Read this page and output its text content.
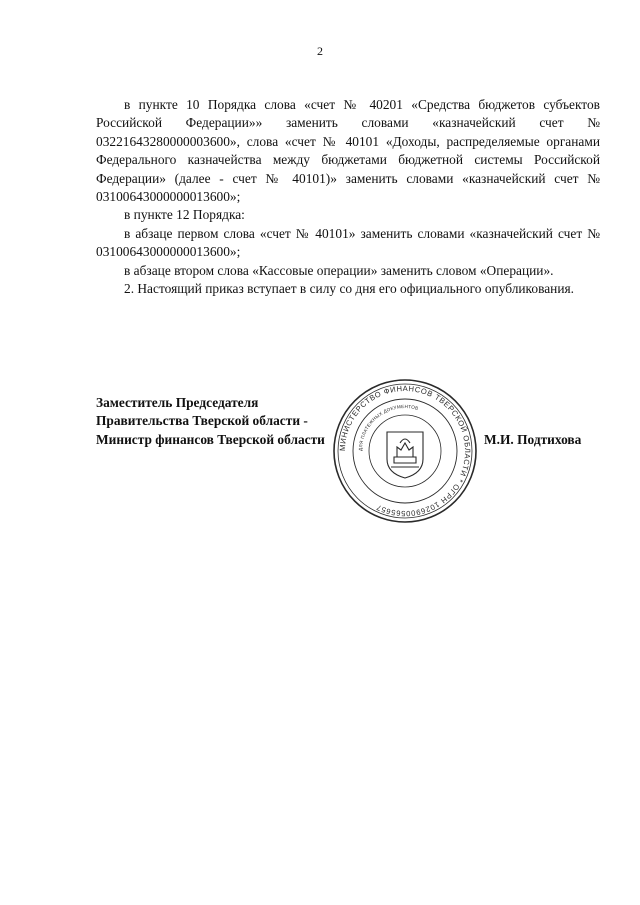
2

в пункте 10 Порядка слова «счет № 40201 «Средства бюджетов субъектов Российской Федерации»» заменить словами «казначейский счет № 03221643280000003600», слова «счет № 40101 «Доходы, распределяемые органами Федерального казначейства между бюджетами бюджетной системы Российской Федерации» (далее - счет № 40101)» заменить словами «казначейский счет № 03100643000000013600»;

в пункте 12 Порядка:

в абзаце первом слова «счет № 40101» заменить словами «казначейский счет № 03100643000000013600»;

в абзаце втором слова «Кассовые операции» заменить словом «Операции».

2. Настоящий приказ вступает в силу со дня его официального опубликования.

Заместитель Председателя
Правительства Тверской области -
Министр финансов Тверской области	М.И. Подтихова
МИНИСТЕРСТВО ФИНАНСОВ ТВЕРСКОЙ ОБЛАСТИ * ОГРН 1026900565657
ДЛЯ ПЛАТЕЖНЫХ ДОКУМЕНТОВ
